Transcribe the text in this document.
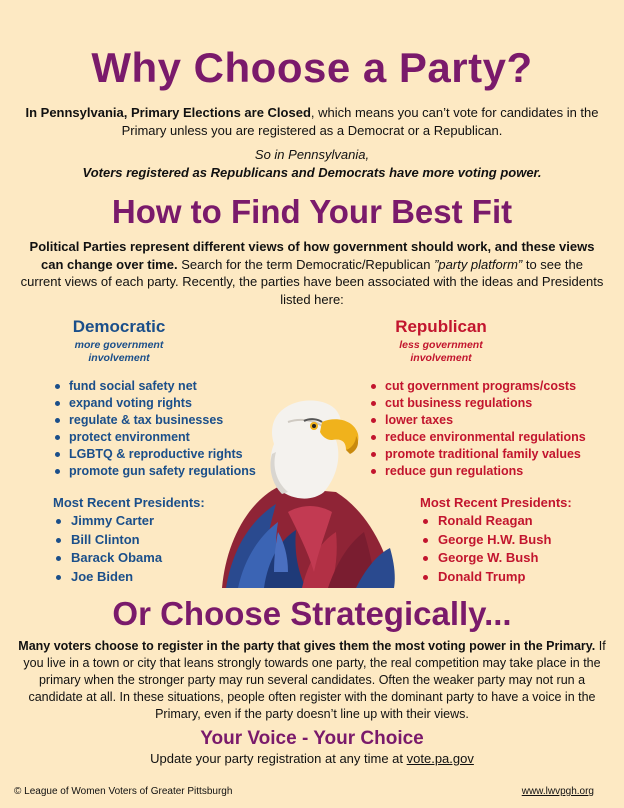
Why Choose a Party?
In Pennsylvania, Primary Elections are Closed, which means you can’t vote for candidates in the Primary unless you are registered as a Democrat or a Republican.
So in Pennsylvania,
Voters registered as Republicans and Democrats have more voting power.
How to Find Your Best Fit
Political Parties represent different views of how government should work, and these views can change over time. Search for the term Democratic/Republican ”party platform” to see the current views of each party. Recently, the parties have been associated with the ideas and Presidents listed here:
Democratic
more government involvement
fund social safety net
expand voting rights
regulate & tax businesses
protect environment
LGBTQ & reproductive rights
promote gun safety regulations
Most Recent Presidents:
Jimmy Carter
Bill Clinton
Barack Obama
Joe Biden
Republican
less government involvement
cut government programs/costs
cut business regulations
lower taxes
reduce environmental regulations
promote traditional family values
reduce gun regulations
Most Recent Presidents:
Ronald Reagan
George H.W. Bush
George W. Bush
Donald Trump
Or Choose Strategically...
Many voters choose to register in the party that gives them the most voting power in the Primary. If you live in a town or city that leans strongly towards one party, the real competition may take place in the primary when the stronger party may run several candidates. Often the weaker party may not run a candidate at all. In these situations, people often register with the dominant party to have a voice in the Primary, even if the party doesn’t line up with their views.
Your Voice - Your Choice
Update your party registration at any time at vote.pa.gov
© League of Women Voters of Greater Pittsburgh	www.lwvpgh.org
